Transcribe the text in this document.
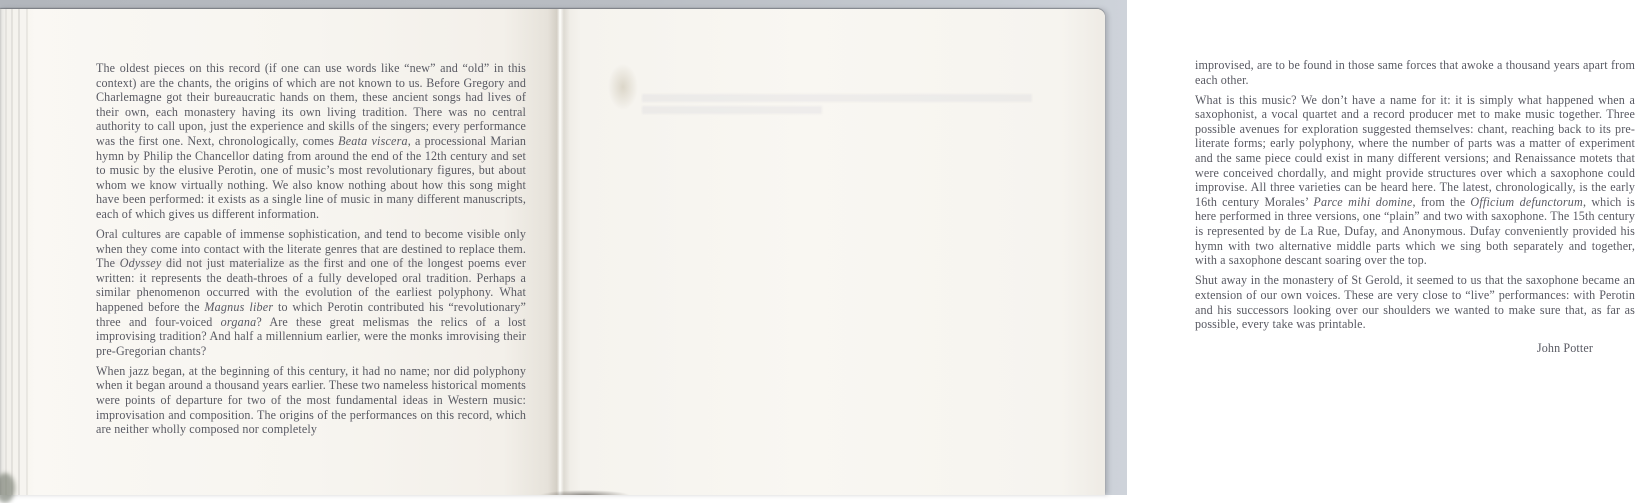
The oldest pieces on this record (if one can use words like “new” and “old” in this context) are the chants, the origins of which are not known to us. Before Gregory and Charlemagne got their bureaucratic hands on them, these ancient songs had lives of their own, each monastery having its own living tradition. There was no central authority to call upon, just the experience and skills of the singers; every performance was the first one. Next, chronologically, comes Beata viscera, a processional Marian hymn by Philip the Chancellor dating from around the end of the 12th century and set to music by the elusive Perotin, one of music’s most revolutionary figures, but about whom we know virtually nothing. We also know nothing about how this song might have been performed: it exists as a single line of music in many different manuscripts, each of which gives us different information.

Oral cultures are capable of immense sophistication, and tend to become visible only when they come into contact with the literate genres that are destined to replace them. The Odyssey did not just materialize as the first and one of the longest poems ever written: it represents the death-throes of a fully developed oral tradition. Perhaps a similar phenomenon occurred with the evolution of the earliest polyphony. What happened before the Magnus liber to which Perotin contributed his “revolutionary” three and four-voiced organa? Are these great melismas the relics of a lost improvising tradition? And half a millennium earlier, were the monks imrovising their pre-Gregorian chants?

When jazz began, at the beginning of this century, it had no name; nor did polyphony when it began around a thousand years earlier. These two nameless historical moments were points of departure for two of the most fundamental ideas in Western music: improvisation and composition. The origins of the performances on this record, which are neither wholly composed nor completely

improvised, are to be found in those same forces that awoke a thousand years apart from each other.

What is this music? We don’t have a name for it: it is simply what happened when a saxophonist, a vocal quartet and a record producer met to make music together. Three possible avenues for exploration suggested themselves: chant, reaching back to its pre-literate forms; early polyphony, where the number of parts was a matter of experiment and the same piece could exist in many different versions; and Renaissance motets that were conceived chordally, and might provide structures over which a saxophone could improvise. All three varieties can be heard here. The latest, chronologically, is the early 16th century Morales’ Parce mihi domine, from the Officium defunctorum, which is here performed in three versions, one “plain” and two with saxophone. The 15th century is represented by de La Rue, Dufay, and Anonymous. Dufay conveniently provided his hymn with two alternative middle parts which we sing both separately and together, with a saxophone descant soaring over the top.

Shut away in the monastery of St Gerold, it seemed to us that the saxophone became an extension of our own voices. These are very close to “live” performances: with Perotin and his successors looking over our shoulders we wanted to make sure that, as far as possible, every take was printable.

John Potter
